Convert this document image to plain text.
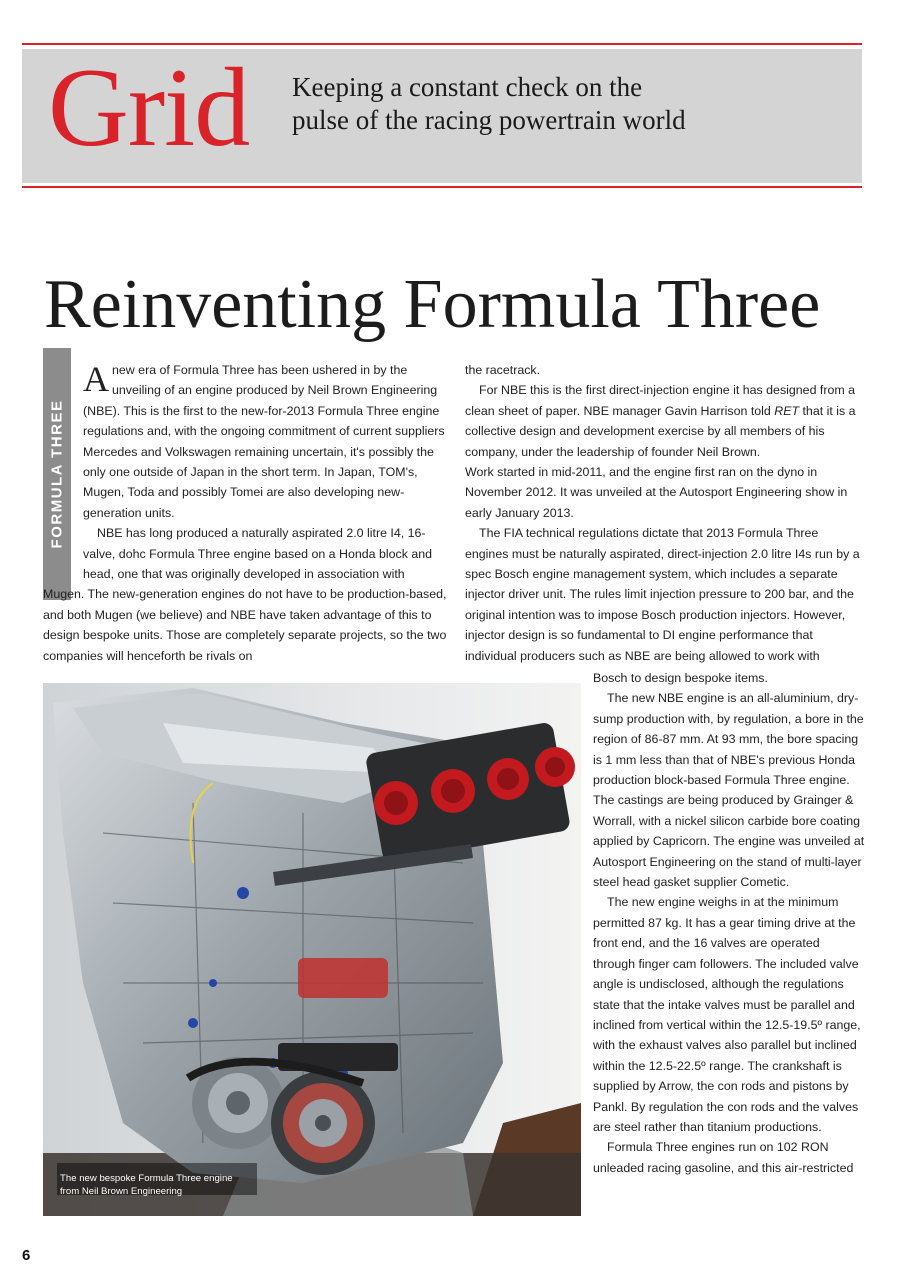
Grid Keeping a constant check on the
pulse of the racing powertrain world
Reinventing Formula Three
FORMULA THREE

Anew era of Formula Three has been ushered in by the unveiling of an engine produced by Neil Brown Engineering (NBE). This is the first to the new-for-2013 Formula Three engine regulations and, with the ongoing commitment of current suppliers Mercedes and Volkswagen remaining uncertain, it's possibly the only one outside of Japan in the short term. In Japan, TOM's, Mugen, Toda and possibly Tomei are also developing new-generation units.

NBE has long produced a naturally aspirated 2.0 litre I4, 16-valve, dohc Formula Three engine based on a Honda block and head, one that was originally developed in association with Mugen. The new-generation engines do not have to be production-based, and both Mugen (we believe) and NBE have taken advantage of this to design bespoke units. Those are completely separate projects, so the two companies will henceforth be rivals on

the racetrack.

For NBE this is the first direct-injection engine it has designed from a clean sheet of paper. NBE manager Gavin Harrison told RET that it is a collective design and development exercise by all members of his company, under the leadership of founder Neil Brown.

Work started in mid-2011, and the engine first ran on the dyno in November 2012. It was unveiled at the Autosport Engineering show in early January 2013.

The FIA technical regulations dictate that 2013 Formula Three engines must be naturally aspirated, direct-injection 2.0 litre I4s run by a spec Bosch engine management system, which includes a separate injector driver unit. The rules limit injection pressure to 200 bar, and the original intention was to impose Bosch production injectors. However, injector design is so fundamental to DI engine performance that individual producers such as NBE are being allowed to work with

The new bespoke Formula Three engine from Neil Brown Engineering

Bosch to design bespoke items.

The new NBE engine is an all-aluminium, dry-sump production with, by regulation, a bore in the region of 86-87 mm. At 93 mm, the bore spacing is 1 mm less than that of NBE's previous Honda production block-based Formula Three engine. The castings are being produced by Grainger & Worrall, with a nickel silicon carbide bore coating applied by Capricorn. The engine was unveiled at Autosport Engineering on the stand of multi-layer steel head gasket supplier Cometic.

The new engine weighs in at the minimum permitted 87 kg. It has a gear timing drive at the front end, and the 16 valves are operated through finger cam followers. The included valve angle is undisclosed, although the regulations state that the intake valves must be parallel and inclined from vertical within the 12.5-19.5º range, with the exhaust valves also parallel but inclined within the 12.5-22.5º range. The crankshaft is supplied by Arrow, the con rods and pistons by Pankl. By regulation the con rods and the valves are steel rather than titanium productions.

Formula Three engines run on 102 RON unleaded racing gasoline, and this air-restricted

6
